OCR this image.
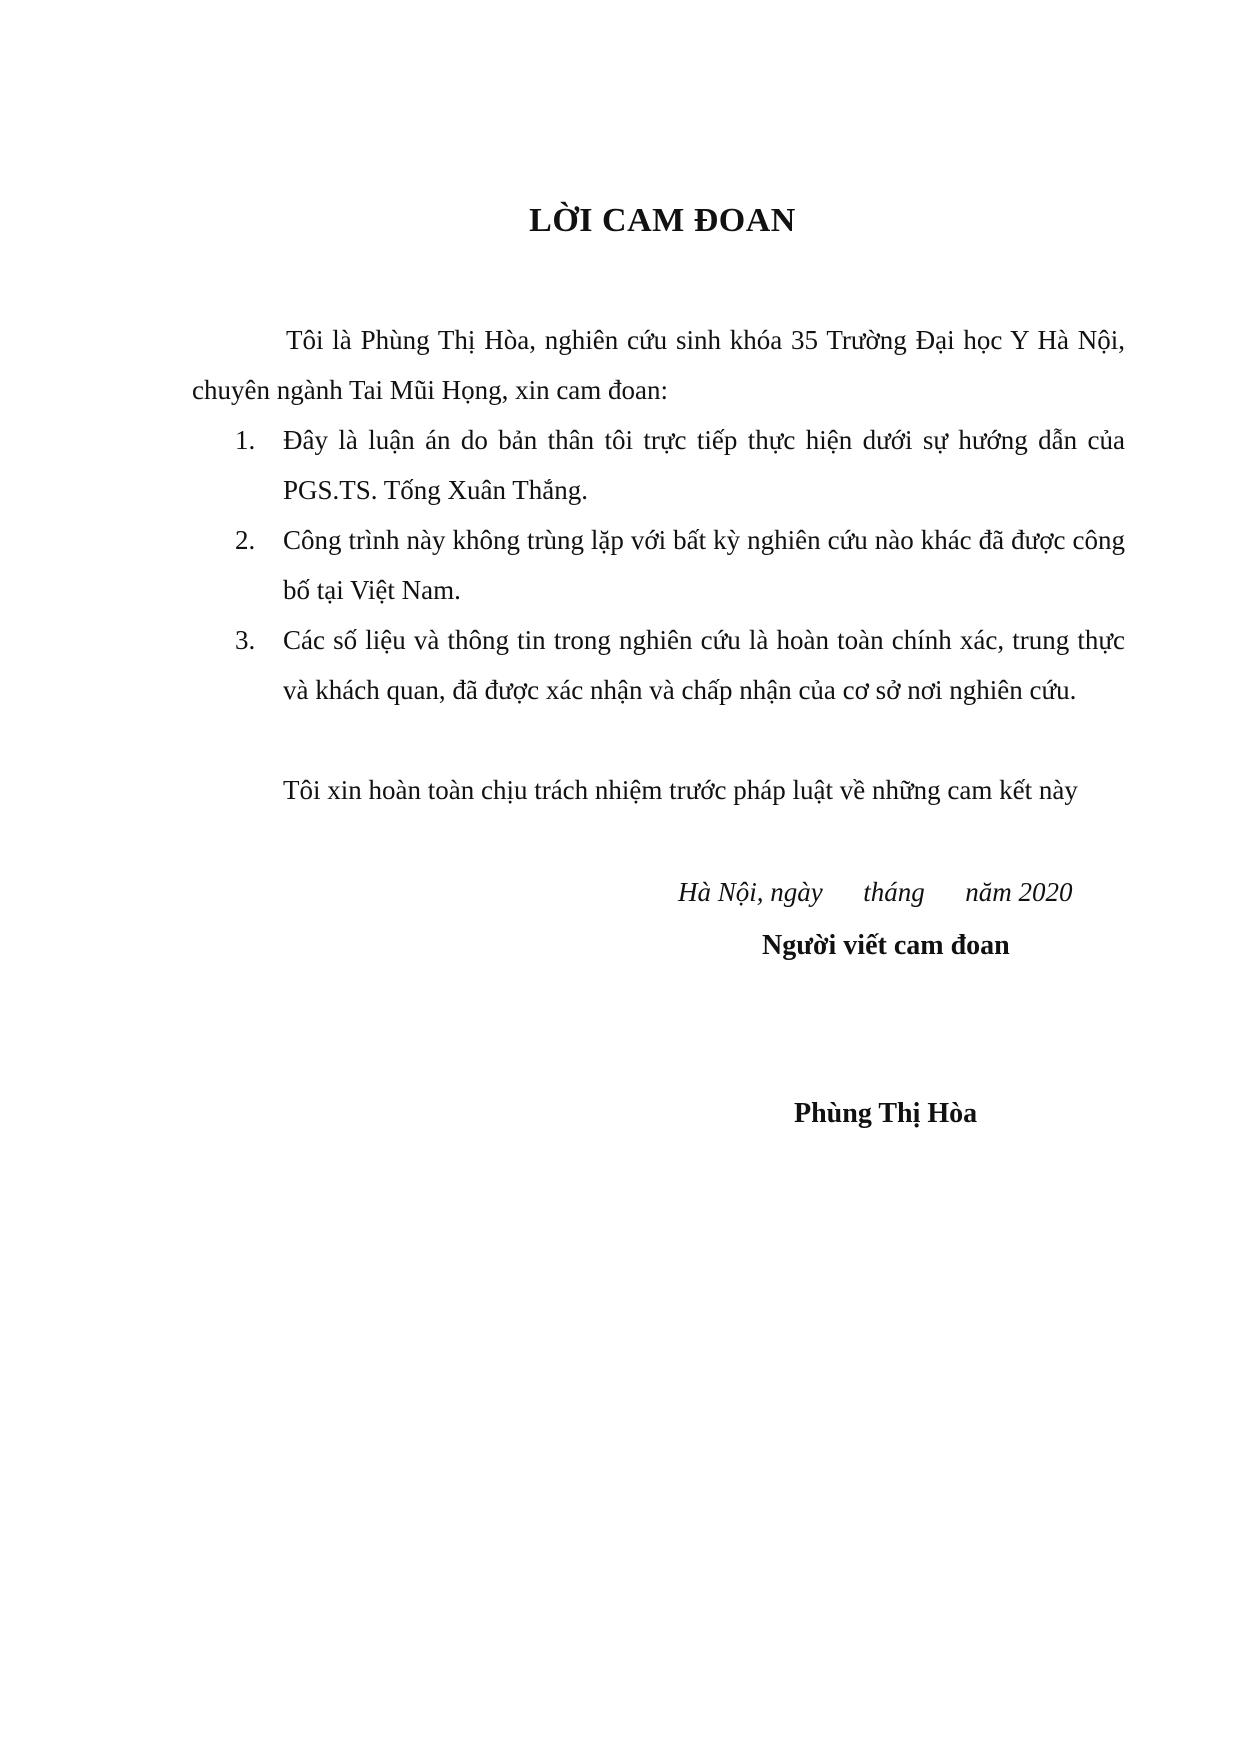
LỜI CAM ĐOAN
Tôi là Phùng Thị Hòa, nghiên cứu sinh khóa 35 Trường Đại học Y Hà Nội, chuyên ngành Tai Mũi Họng, xin cam đoan:
1. Đây là luận án do bản thân tôi trực tiếp thực hiện dưới sự hướng dẫn của PGS.TS. Tống Xuân Thắng.
2. Công trình này không trùng lặp với bất kỳ nghiên cứu nào khác đã được công bố tại Việt Nam.
3. Các số liệu và thông tin trong nghiên cứu là hoàn toàn chính xác, trung thực và khách quan, đã được xác nhận và chấp nhận của cơ sở nơi nghiên cứu.
Tôi xin hoàn toàn chịu trách nhiệm trước pháp luật về những cam kết này
Hà Nội, ngày      tháng      năm 2020
Người viết cam đoan
Phùng Thị Hòa
